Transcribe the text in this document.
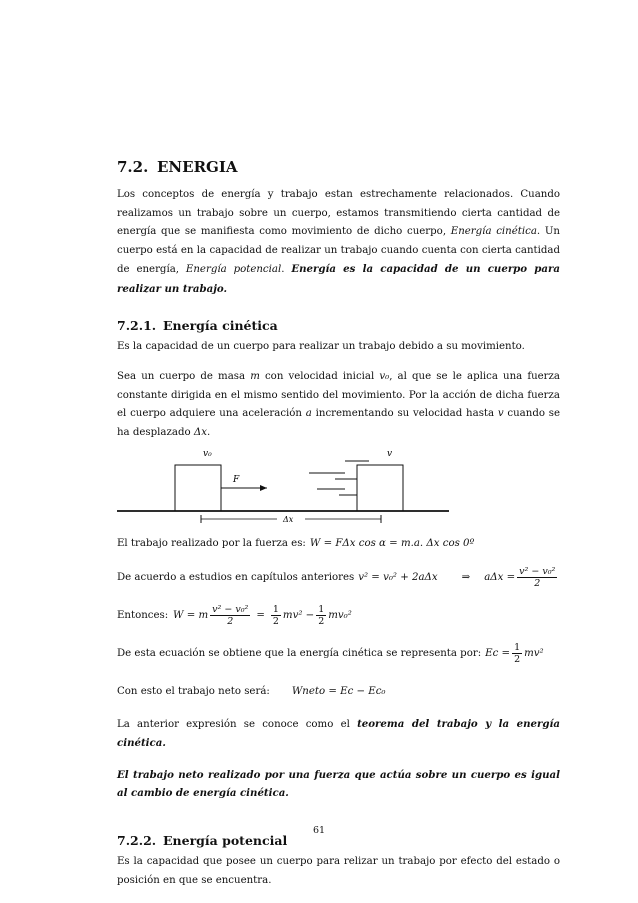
7.2. ENERGIA

Los conceptos de energía y trabajo estan estrechamente relacionados. Cuando realizamos un trabajo sobre un cuerpo, estamos transmitiendo cierta cantidad de energía que se manifiesta como movimiento de dicho cuerpo, Energía cinética. Un cuerpo está en la capacidad de realizar un trabajo cuando cuenta con cierta cantidad de energía, Energía potencial. Energía es la capacidad de un cuerpo para realizar un trabajo.

7.2.1. Energía cinética

Es la capacidad de un cuerpo para realizar un trabajo debido a su movimiento.

Sea un cuerpo de masa m con velocidad inicial v₀, al que se le aplica una fuerza constante dirigida en el mismo sentido del movimiento. Por la acción de dicha fuerza el cuerpo adquiere una aceleración a incrementando su velocidad hasta v cuando se ha desplazado Δx.

v₀	v
F
Δx
El trabajo realizado por la fuerza es: W = FΔx cos α = m.a. Δx cos 0º
De acuerdo a estudios en capítulos anteriores v² = v₀² + 2aΔx ⇒ $a\Delta x = \frac{\text{v² − v₀²}}{2}$
Entonces: W = m $\frac{\text{v² − v₀²}}{2} = \frac{1}{2} mv^2 - \frac{1}{2} mv_0^2$
De esta ecuación se obtiene que la energía cinética se representa por: $Ec = \frac{1}{2} mv^2$
Con esto el trabajo neto será: Wneto = Ec − Ec₀

La anterior expresión se conoce como el teorema del trabajo y la energía cinética.

El trabajo neto realizado por una fuerza que actúa sobre un cuerpo es igual al cambio de energía cinética.

7.2.2. Energía potencial

Es la capacidad que posee un cuerpo para relizar un trabajo por efecto del estado o posición en que se encuentra.

61
